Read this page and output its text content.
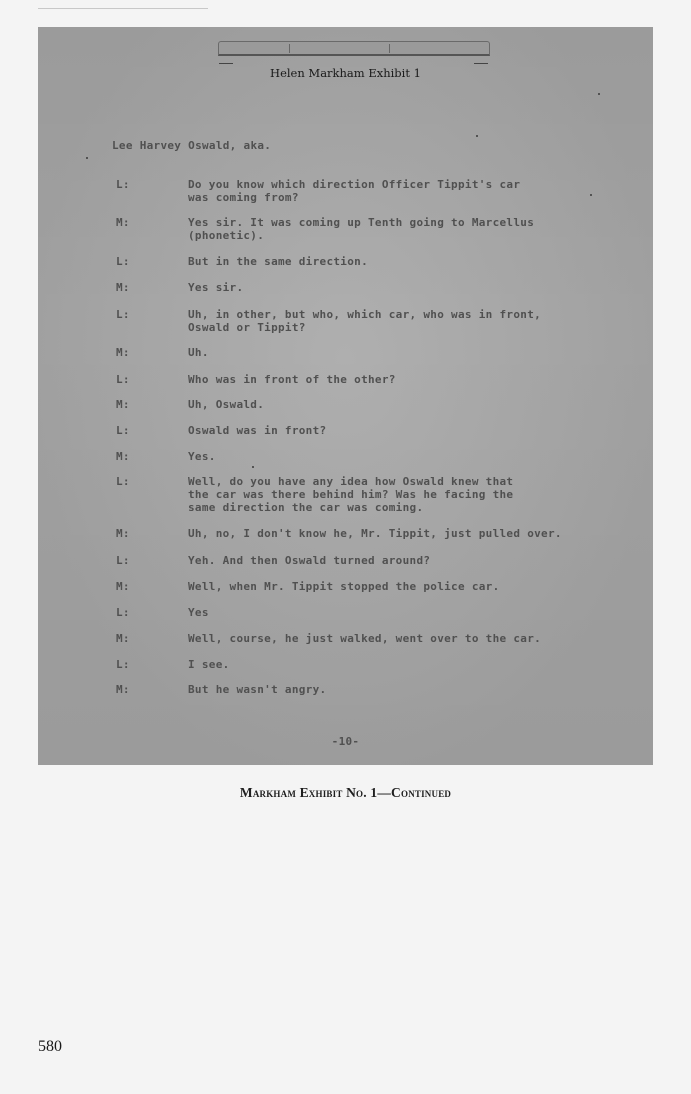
Helen Markham Exhibit 1
Lee Harvey Oswald, aka.
L:	Do you know which direction Officer Tippit's car
was coming from?
M:	Yes sir. It was coming up Tenth going to Marcellus
(phonetic).
L:	But in the same direction.
M:	Yes sir.
L:	Uh, in other, but who, which car, who was in front,
Oswald or Tippit?
M:	Uh.
L:	Who was in front of the other?
M:	Uh, Oswald.
L:	Oswald was in front?
M:	Yes.
L:	Well, do you have any idea how Oswald knew that
the car was there behind him? Was he facing the
same direction the car was coming.
M:	Uh, no, I don't know he, Mr. Tippit, just pulled over.
L:	Yeh. And then Oswald turned around?
M:	Well, when Mr. Tippit stopped the police car.
L:	Yes
M:	Well, course, he just walked, went over to the car.
L:	I see.
M:	But he wasn't angry.
-10-
Markham Exhibit No. 1—Continued
580
